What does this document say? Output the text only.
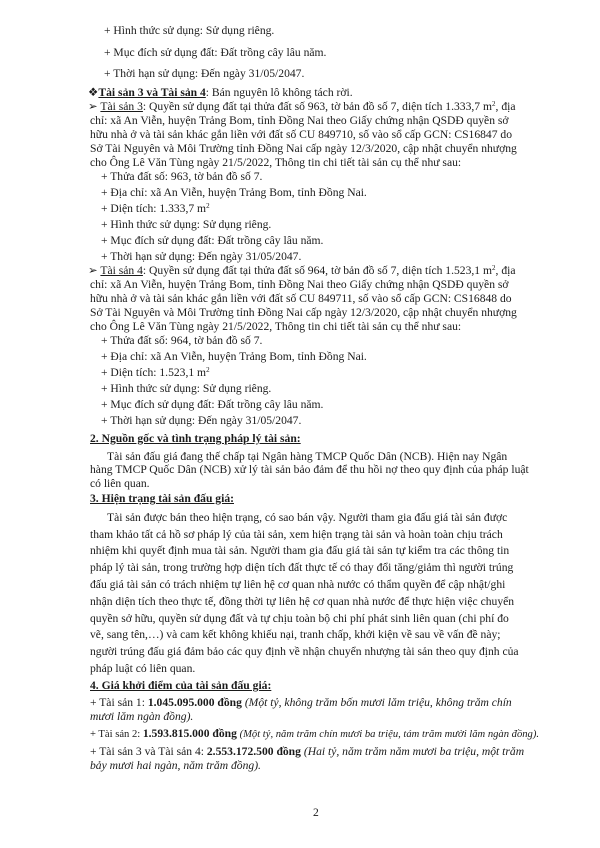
+ Hình thức sử dụng: Sử dụng riêng.
+ Mục đích sử dụng đất: Đất trồng cây lâu năm.
+ Thời hạn sử dụng: Đến ngày 31/05/2047.
❖Tài sản 3 và Tài sản 4: Bán nguyên lô không tách rời.
➢ Tài sản 3: Quyền sử dụng đất tại thửa đất số 963, tờ bản đồ số 7, diện tích 1.333,7 $m^2$, địa
chỉ: xã An Viễn, huyện Trảng Bom, tỉnh Đồng Nai theo Giấy chứng nhận QSDĐ quyền sở
hữu nhà ở và tài sản khác gắn liền với đất số CU 849710, số vào sổ cấp GCN: CS16847 do
Sở Tài Nguyên và Môi Trường tỉnh Đồng Nai cấp ngày 12/3/2020, cập nhật chuyển nhượng
cho Ông Lê Văn Tùng ngày 21/5/2022, Thông tin chi tiết tài sản cụ thể như sau:
+ Thửa đất số: 963, tờ bản đồ số 7.
+ Địa chỉ: xã An Viễn, huyện Trảng Bom, tỉnh Đồng Nai.
+ Diện tích: 1.333,7 $m^2$
+ Hình thức sử dụng: Sử dụng riêng.
+ Mục đích sử dụng đất: Đất trồng cây lâu năm.
+ Thời hạn sử dụng: Đến ngày 31/05/2047.
➢ Tài sản 4: Quyền sử dụng đất tại thửa đất số 964, tờ bản đồ số 7, diện tích 1.523,1 $m^2$, địa
chỉ: xã An Viễn, huyện Trảng Bom, tỉnh Đồng Nai theo Giấy chứng nhận QSDĐ quyền sở
hữu nhà ở và tài sản khác gắn liền với đất số CU 849711, số vào sổ cấp GCN: CS16848 do
Sở Tài Nguyên và Môi Trường tỉnh Đồng Nai cấp ngày 12/3/2020, cập nhật chuyển nhượng
cho Ông Lê Văn Tùng ngày 21/5/2022, Thông tin chi tiết tài sản cụ thể như sau:
+ Thửa đất số: 964, tờ bản đồ số 7.
+ Địa chỉ: xã An Viễn, huyện Trảng Bom, tỉnh Đồng Nai.
+ Diện tích: 1.523,1 $m^2$
+ Hình thức sử dụng: Sử dụng riêng.
+ Mục đích sử dụng đất: Đất trồng cây lâu năm.
+ Thời hạn sử dụng: Đến ngày 31/05/2047.
2. Nguồn gốc và tình trạng pháp lý tài sản:
Tài sản đấu giá đang thế chấp tại Ngân hàng TMCP Quốc Dân (NCB). Hiện nay Ngân
hàng TMCP Quốc Dân (NCB) xử lý tài sản bảo đảm để thu hồi nợ theo quy định của pháp luật
có liên quan.
3. Hiện trạng tài sản đấu giá:
Tài sản được bán theo hiện trạng, có sao bán vậy. Người tham gia đấu giá tài sản được
tham khảo tất cả hồ sơ pháp lý của tài sản, xem hiện trạng tài sản và hoàn toàn chịu trách
nhiệm khi quyết định mua tài sản. Người tham gia đấu giá tài sản tự kiểm tra các thông tin
pháp lý tài sản, trong trường hợp diện tích đất thực tế có thay đổi tăng/giảm thì người trúng
đấu giá tài sản có trách nhiệm tự liên hệ cơ quan nhà nước có thẩm quyền để cập nhật/ghi
nhận diện tích theo thực tế, đồng thời tự liên hệ cơ quan nhà nước để thực hiện việc chuyển
quyền sở hữu, quyền sử dụng đất và tự chịu toàn bộ chi phí phát sinh liên quan (chi phí đo
vẽ, sang tên,…) và cam kết không khiếu nại, tranh chấp, khởi kiện về sau về vấn đề này;
người trúng đấu giá đảm bảo các quy định về nhận chuyển nhượng tài sản theo quy định của
pháp luật có liên quan.
4. Giá khởi điểm của tài sản đấu giá:
+ Tài sản 1: 1.045.095.000 đồng (Một tỷ, không trăm bốn mươi lăm triệu, không trăm chín
mươi lăm ngàn đồng).
+ Tài sản 2: 1.593.815.000 đồng (Một tỷ, năm trăm chín mươi ba triệu, tám trăm mười lăm ngàn đồng).
+ Tài sản 3 và Tài sản 4: 2.553.172.500 đồng (Hai tỷ, năm trăm năm mươi ba triệu, một trăm
bảy mươi hai ngàn, năm trăm đồng).
2
